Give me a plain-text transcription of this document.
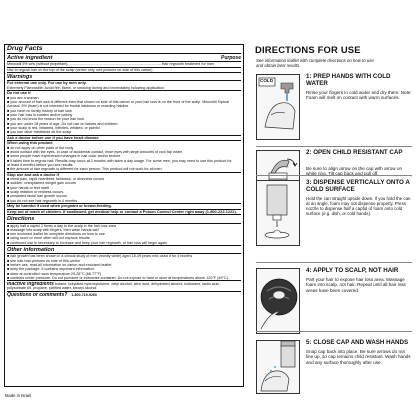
Drug Facts
Active ingredient	Purpose
Minoxidil 5% w/w (without propellant)............................................................................................Hair regrowth treatment for men
Use to regrow hair on the top of the scalp (vertex only, see pictures on side of this carton)
Warnings
For external use only. For use by men only.
Extremely Flammable: Avoid fire, flame, or smoking during and immediately following application
Do not use if
■ you are a woman
■ your amount of hair loss is different than that shown on side of this carton or your hair loss is on the front of the scalp. Minoxidil Topical
Aerosol, 5% (foam) is not intended for frontal baldness or receding hairline.
■ you have no family history of hair loss
■ your hair loss is sudden and/or patchy
■ you do not know the reason for your hair loss
■ you are under 18 years of age. Do not use on babies and children.
■ your scalp is red, inflamed, infected, irritated, or painful
■ you use other medicines on the scalp
Ask a doctor before use if you have heart disease
When using this product
■ do not apply on other parts of the body
■ avoid contact with the eyes. In case of accidental contact, rinse eyes with large amounts of cool tap water.
■ some people have experienced changes in hair color and/or texture
■ it takes time to regrow hair. Results may occur at 2 months with twice a day usage. For some men, you may need to use this product for
at least 4 months before you see results.
■ the amount of hair regrowth is different for each person. This product will not work for all men.
Stop use and ask a doctor if
■ chest pain, rapid heartbeat, faintness, or dizziness occurs
■ sudden, unexplained weight gain occurs
■ your hands or feet swell
■ scalp irritation or redness occurs
■ unwanted facial hair growth occurs
■ you do not see hair regrowth in 4 months
May be harmful if used when pregnant or breast-feeding.
Keep out of reach of children. If swallowed, get medical help or contact a Poison Control Center right away (1-800-222-1222).
Directions
■ apply half a capful 2 times a day to the scalp in the hair loss area
■ massage into scalp with fingers, then wash hands well
■ see enclosed leaflet for complete directions on how to use
■ using more or more often will not improve results
■ continued use is necessary to increase and keep your hair regrowth, or hair loss will begin again
Other information
■ hair growth has been shown in a clinical study of men (mostly white) aged 18-49 years who used it for 4 months
■ see hair loss pictures on side of this carton
■ before use, read all information on carton and enclosed leaflet
■ keep the package. It contains important information.
■ store at controlled room temperature 20-25°C (68-77°F)
■ contents under pressure. Do not puncture or incinerate container. Do not expose to heat or store at temperatures above 120°F (49°C).
Inactive ingredients butane, butylated hydroxytoluene, cetyl alcohol, citric acid, dehydrated alcohol, isobutane, lactic acid,
polysorbate 60, propane, purified water, stearyl alcohol
Questions or comments? 1-800-719-9260
Made in Israel
DIRECTIONS FOR USE
See information leaflet with complete directions on how to use and obtain best results.
COLD
1: PREP HANDS WITH COLD WATER
Rinse your fingers in cold water and dry them. Note: Foam will melt on contact with warm surfaces.
2: OPEN CHILD RESISTANT CAP
Be sure to align arrow on the cap with arrow on white ring. Tilt cap back and pull off.
3: DISPENSE VERTICALLY ONTO A COLD SURFACE
Hold the can straight upside down. If you hold the can at an angle, foam may not dispense properly. Press nozzle to dispense half a capful of foam onto cold surface (e.g. dish, or cold hands).
4: APPLY TO SCALP, NOT HAIR
Part your hair to expose hair loss area. Massage foam into scalp, not hair. Repeat until all hair loss areas have been covered.
5: CLOSE CAP AND WASH HANDS
Snap cap back into place. Be sure arrows do not line up, so cap remains child resistant. Wash hands and any surface thoroughly after use.
